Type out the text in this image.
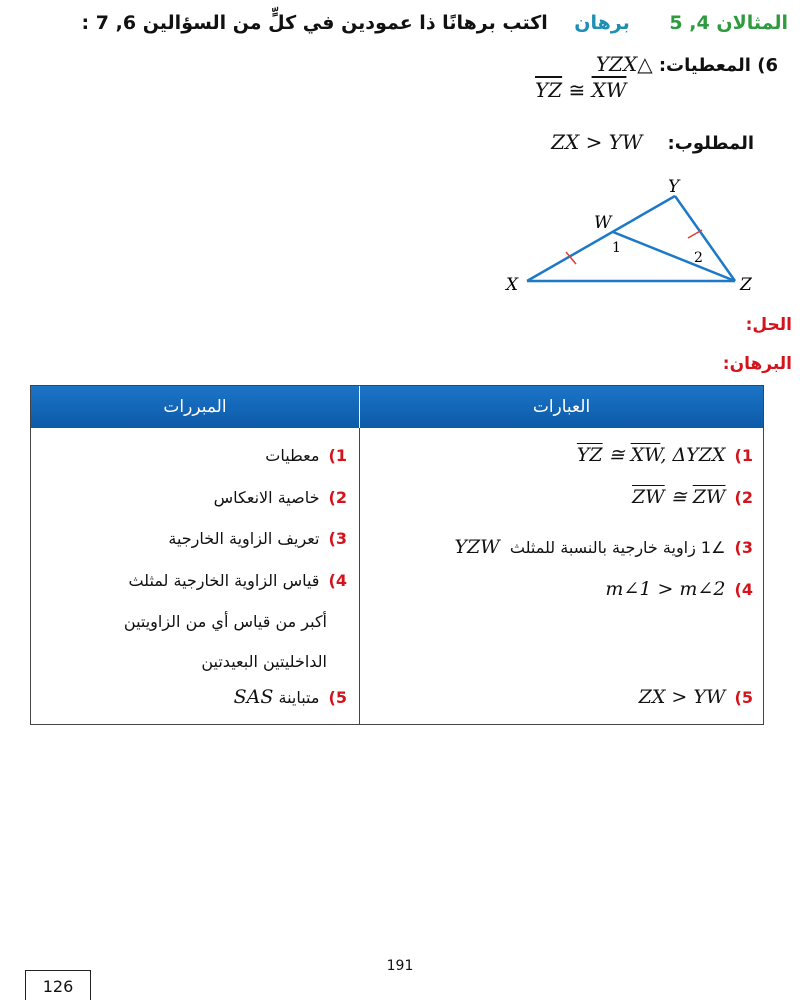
المثالان 4, 5      برهان    اكتب برهانًا ذا عمودين في كلٍّ من السؤالين 6, 7 :
6) المعطيات: △YZX
$\overline{YZ}$ ≅ $\overline{XW}$
المطلوب:    ZX > YW
Y
W
X	Z
1
2
الحل:
البرهان:
المبررات	العبارات
1) $\overline{YZ}$ ≅ $\overline{XW}$, ΔYZX
2) $\overline{ZW}$ ≅ $\overline{ZW}$
3) ∠1 زاوية خارجية بالنسبة للمثلث  YZW
4) m∠1 > m∠2
5) ZX > YW
1) معطيات
2) خاصية الانعكاس
3) تعريف الزاوية الخارجية
4) قياس الزاوية الخارجية لمثلث
أكبر من قياس أي من الزاويتين
الداخليتين البعيدتين
5) متباينة SAS
191
126
